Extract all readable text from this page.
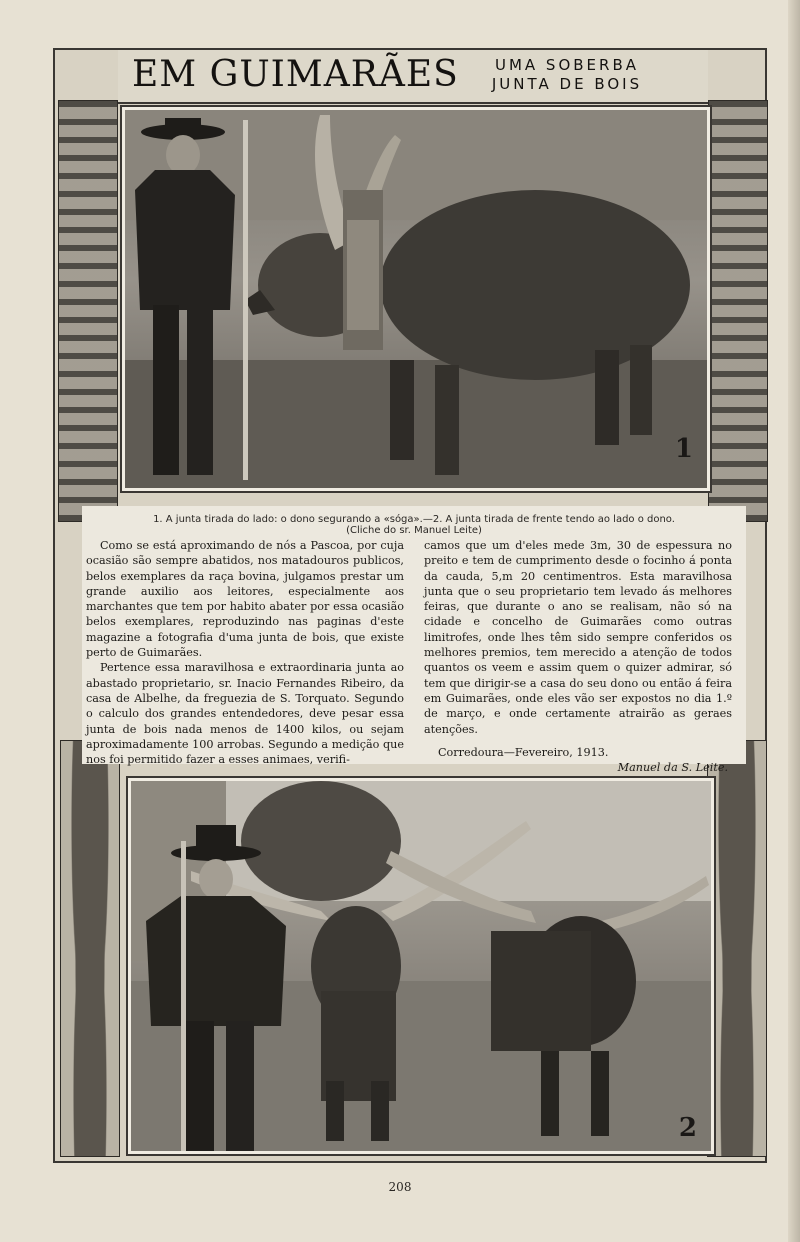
EM GUIMARÃES	UMA SOBERBA
JUNTA DE BOIS
1
1. A junta tirada do lado: o dono segurando a «sóga».—2. A junta tirada de frente tendo ao lado o dono.
(Cliche do sr. Manuel Leite)

Como se está aproximando de nós a Pascoa, por cuja ocasião são sempre abatidos, nos matadouros publicos, belos exemplares da raça bovina, julgamos prestar um grande auxilio aos leitores, especialmente aos marchantes que tem por habito abater por essa ocasião belos exemplares, reproduzindo nas paginas d'este magazine a fotografia d'uma junta de bois, que existe perto de Guimarães.

Pertence essa maravilhosa e extraordinaria junta ao abastado proprietario, sr. Inacio Fernandes Ribeiro, da casa de Albelhe, da freguezia de S. Torquato. Segundo o calculo dos grandes entendedores, deve pesar essa junta de bois nada menos de 1400 kilos, ou sejam aproximadamente 100 arrobas. Segundo a medição que nos foi permitido fazer a esses animaes, verifi-

camos que um d'eles mede 3m, 30 de espessura no preito e tem de cumprimento desde o focinho á ponta da cauda, 5,m 20 centimentros. Esta maravilhosa junta que o seu proprietario tem levado ás melhores feiras, que durante o ano se realisam, não só na cidade e concelho de Guimarães como outras limitrofes, onde lhes têm sido sempre conferidos os melhores premios, tem merecido a atenção de todos quantos os veem e assim quem o quizer admirar, só tem que dirigir-se a casa do seu dono ou então á feira em Guimarães, onde eles vão ser expostos no dia 1.º de março, e onde certamente atrairão as geraes atenções.

Corredoura—Fevereiro, 1913.
Manuel da S. Leite.
2
208
